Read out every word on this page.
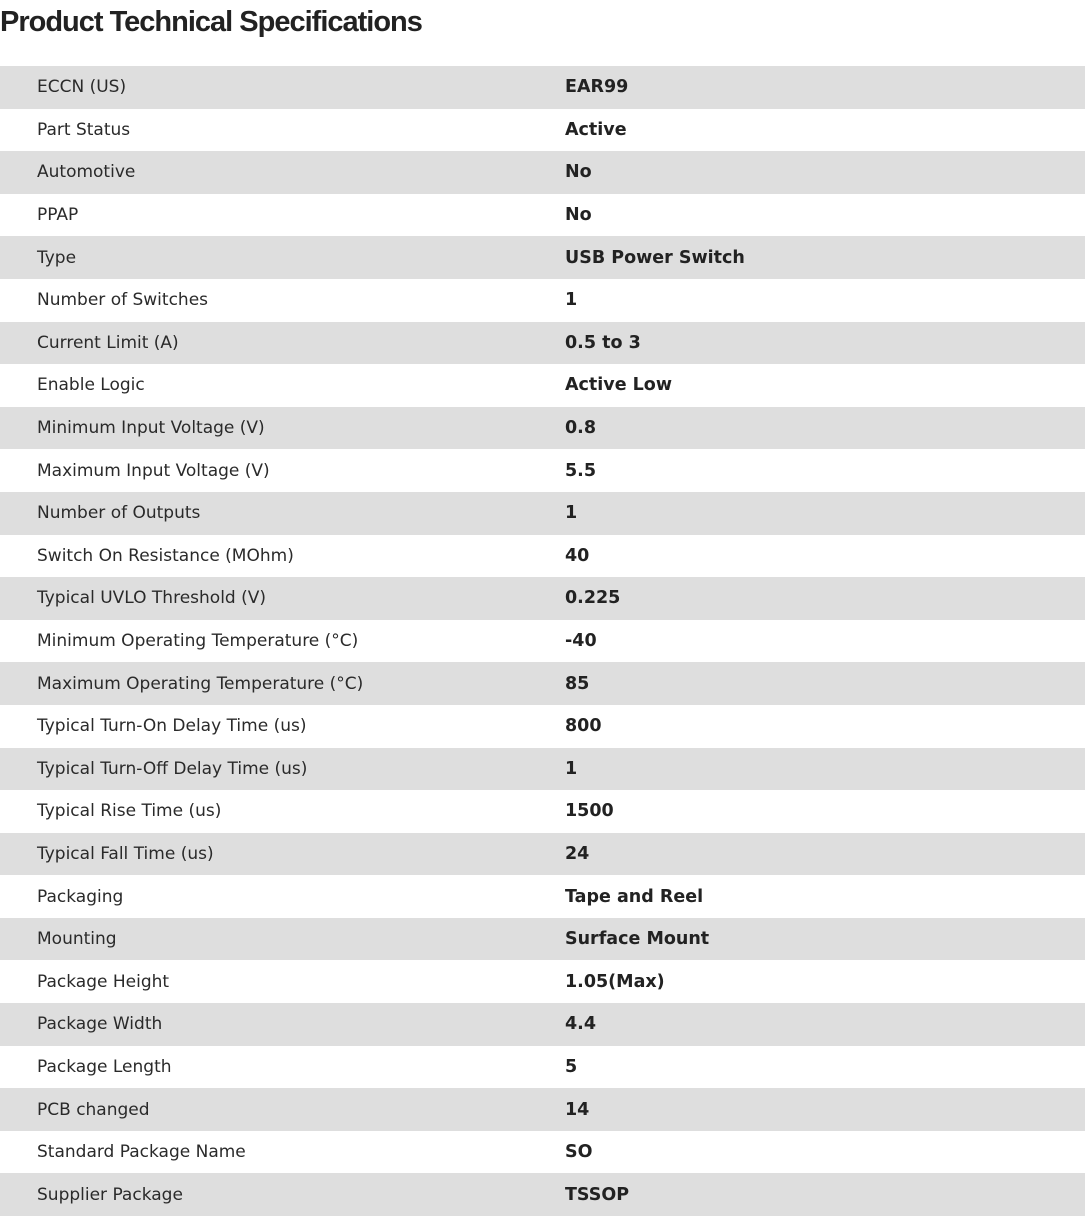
Product Technical Specifications
ECCN (US)	EAR99
Part Status	Active
Automotive	No
PPAP	No
Type	USB Power Switch
Number of Switches	1
Current Limit (A)	0.5 to 3
Enable Logic	Active Low
Minimum Input Voltage (V)	0.8
Maximum Input Voltage (V)	5.5
Number of Outputs	1
Switch On Resistance (MOhm)	40
Typical UVLO Threshold (V)	0.225
Minimum Operating Temperature (°C)	-40
Maximum Operating Temperature (°C)	85
Typical Turn-On Delay Time (us)	800
Typical Turn-Off Delay Time (us)	1
Typical Rise Time (us)	1500
Typical Fall Time (us)	24
Packaging	Tape and Reel
Mounting	Surface Mount
Package Height	1.05(Max)
Package Width	4.4
Package Length	5
PCB changed	14
Standard Package Name	SO
Supplier Package	TSSOP
